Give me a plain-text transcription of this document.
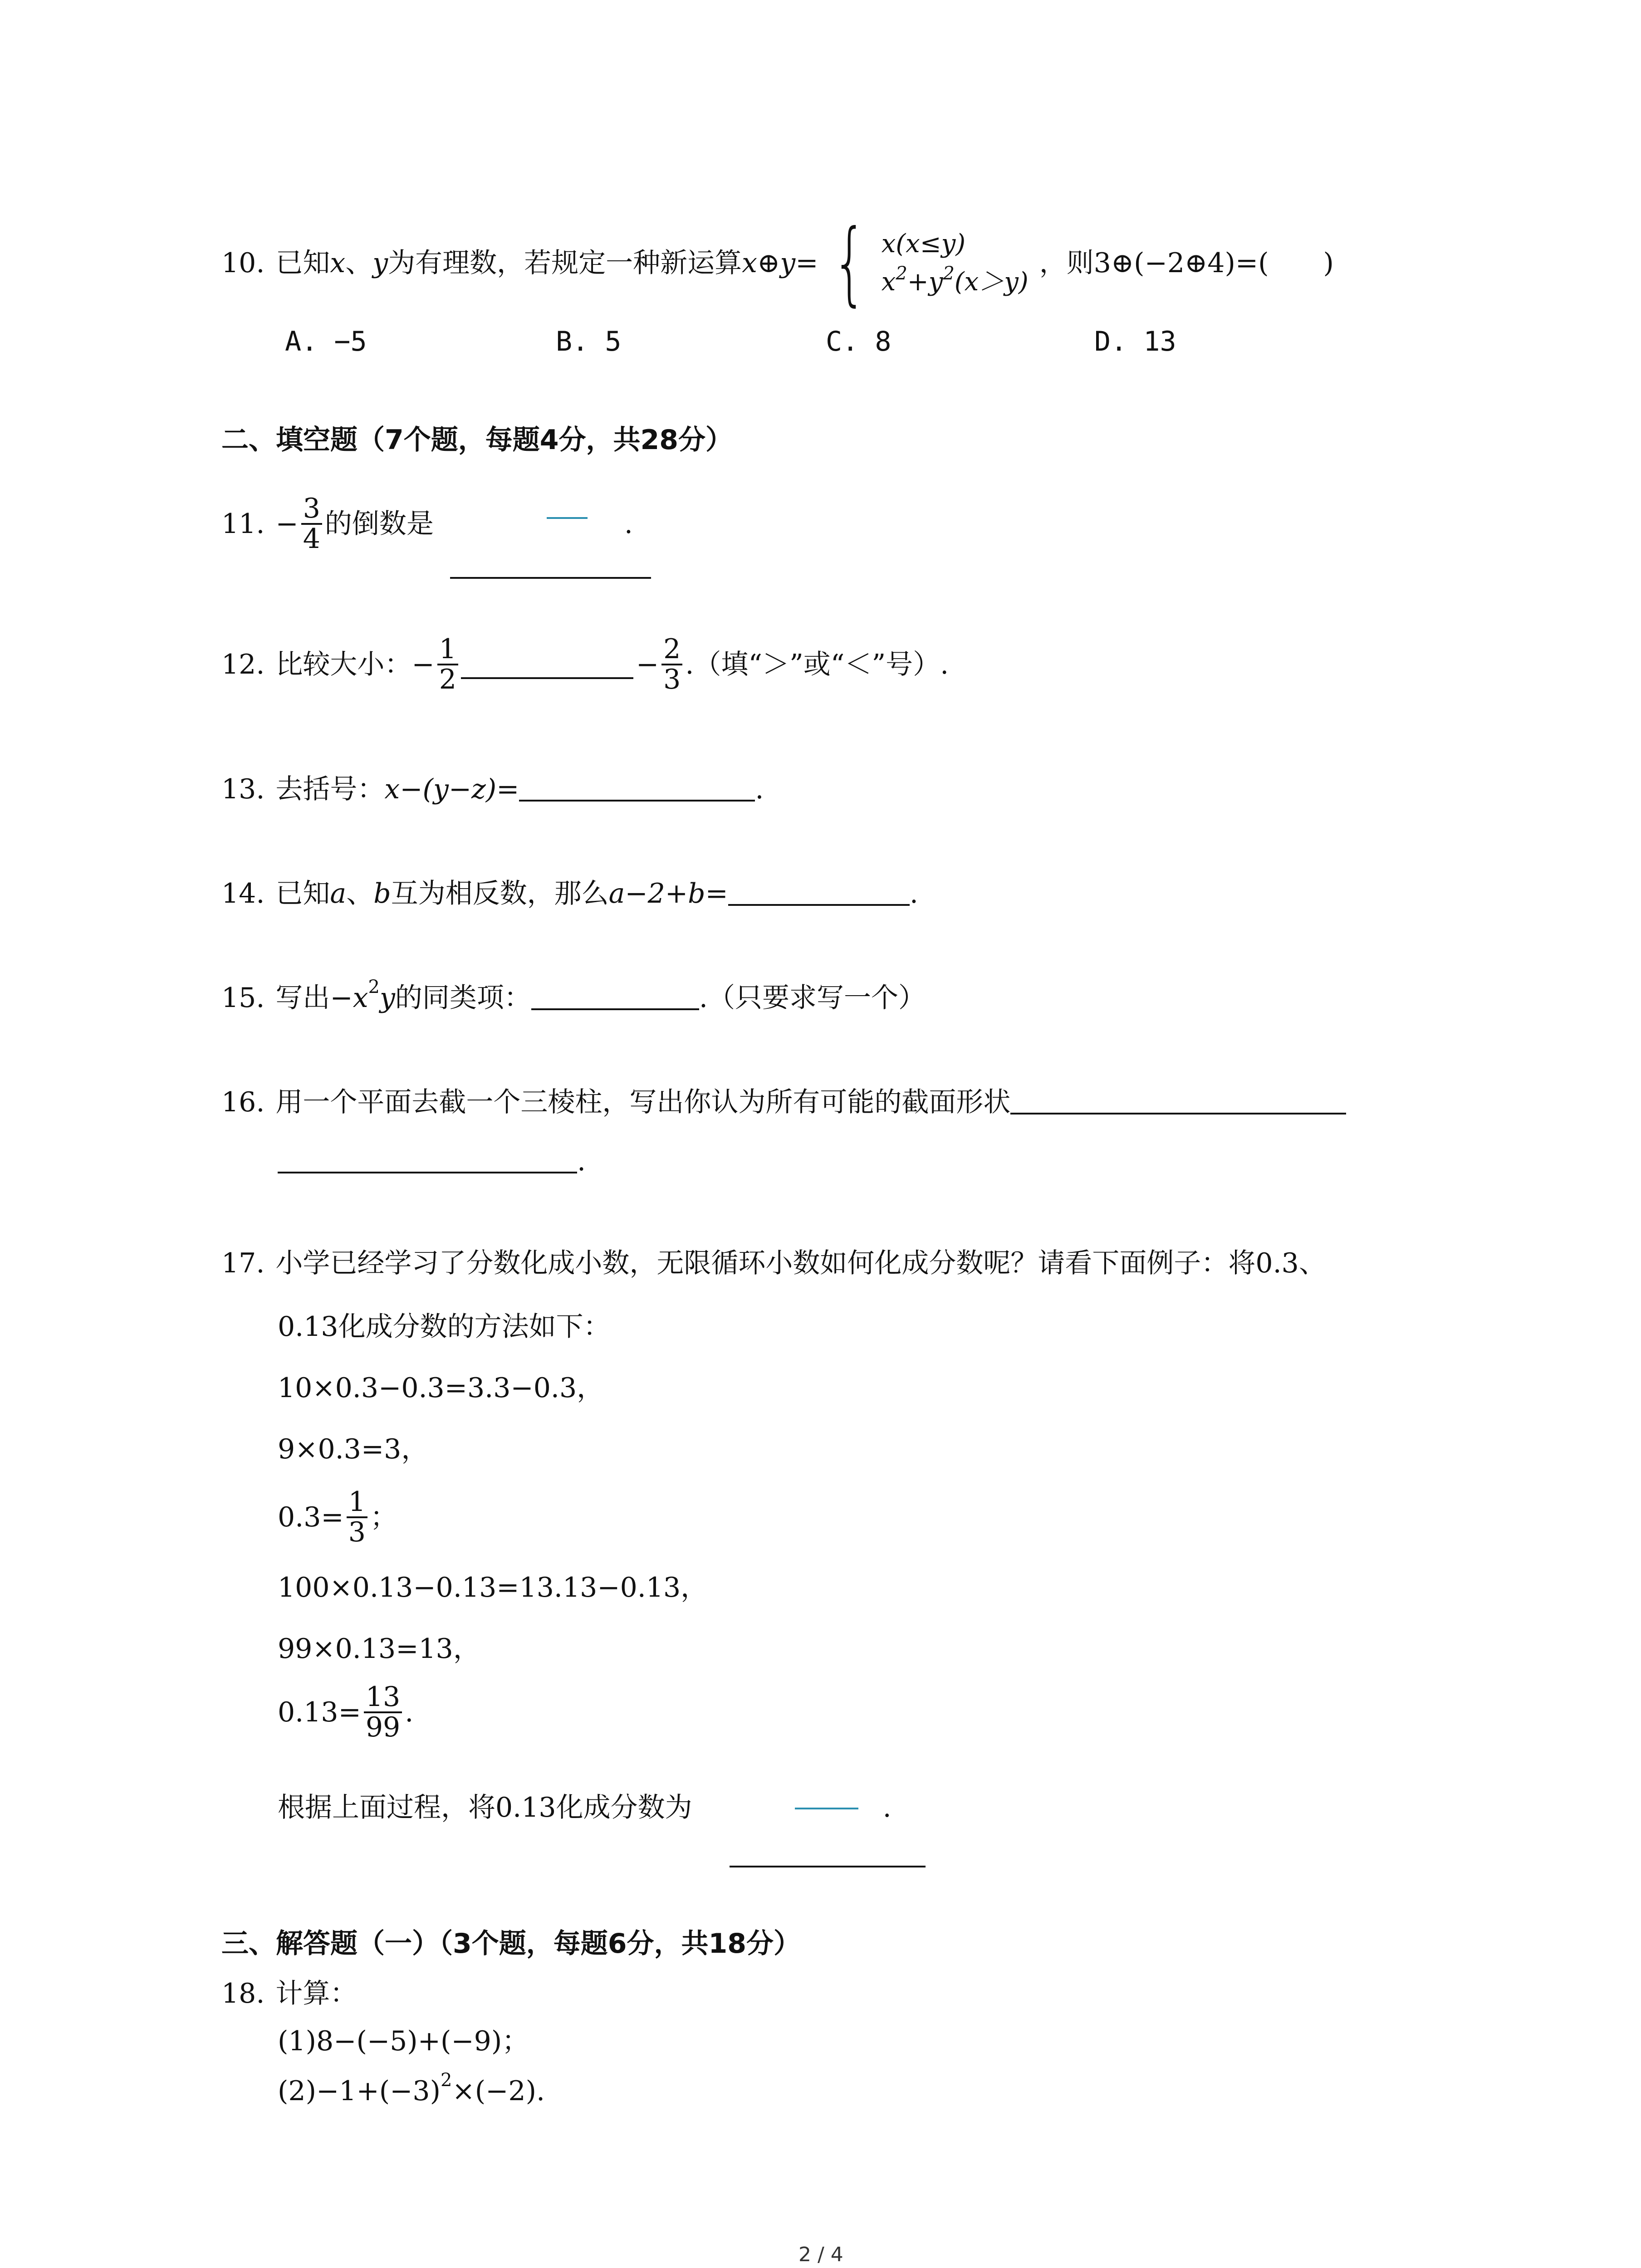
10. 已知 x 、 y 为有理数，若规定一种新运算 x ⊕ y = { x(x≤y)
$x^2+y^2(x>y)$
，则3⊕(−2⊕4)=(　　)
A. −5	B. 5	C. 8	D. 13
二、填空题（7个题，每题4分，共28分）
11. − $\frac{3}{4}$ 的倒数是	.
12. 比较大小：− $\frac{1}{2}$	− $\frac{2}{3}$ .（填“＞”或“＜”号）.
13. 去括号： x−(y−z)=	.
14. 已知 a 、 b 互为相反数，那么 a−2+b=	.
15. 写出− x 2 y 的同类项：	.（只要求写一个）
16. 用一个平面去截一个三棱柱，写出你认为所有可能的截面形状
.
17. 小学已经学习了分数化成小数，无限循环小数如何化成分数呢？请看下面例子：将0.3、
0.13化成分数的方法如下：
10×0.3−0.3=3.3−0.3，
9×0.3=3，
$0.3= \frac{1}{3}$ ；
100×0.13−0.13=13.13−0.13，
99×0.13=13，
$0.13= \frac{13}{99}$ .
根据上面过程，将0.13化成分数为	.
三、解答题（一）（3个题，每题6分，共18分）
18. 计算：
(1)8−(−5)+(−9)；
(2)−1+(−3) 2 ×(−2).
2 / 4
